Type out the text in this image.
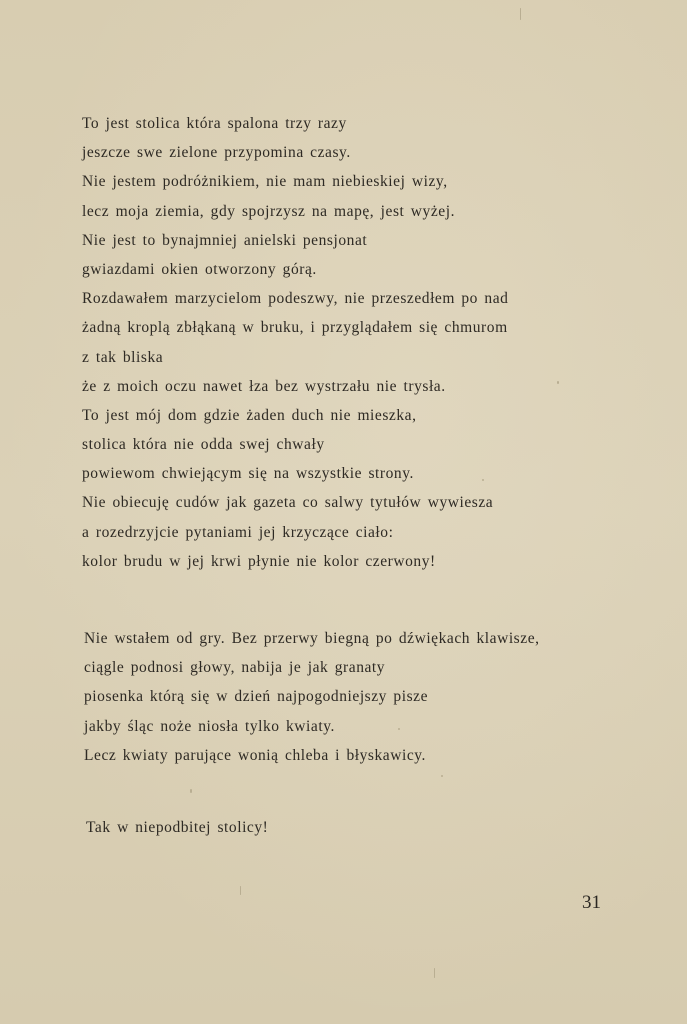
To jest stolica która spalona trzy razy
jeszcze swe zielone przypomina czasy.
Nie jestem podróżnikiem, nie mam niebieskiej wizy,
lecz moja ziemia, gdy spojrzysz na mapę, jest wyżej.
Nie jest to bynajmniej anielski pensjonat
gwiazdami okien otworzony górą.
Rozdawałem marzycielom podeszwy, nie przeszedłem po nad
żadną kroplą zbłąkaną w bruku, i przyglądałem się chmurom
z tak bliska
że z moich oczu nawet łza bez wystrzału nie trysła.
To jest mój dom gdzie żaden duch nie mieszka,
stolica która nie odda swej chwały
powiewom chwiejącym się na wszystkie strony.
Nie obiecuję cudów jak gazeta co salwy tytułów wywiesza
a rozedrzyjcie pytaniami jej krzyczące ciało:
kolor brudu w jej krwi płynie nie kolor czerwony!
Nie wstałem od gry. Bez przerwy biegną po dźwiękach klawisze,
ciągle podnosi głowy, nabija je jak granaty
piosenka którą się w dzień najpogodniejszy pisze
jakby śląc noże niosła tylko kwiaty.
Lecz kwiaty parujące wonią chleba i błyskawicy.
Tak w niepodbitej stolicy!
31
